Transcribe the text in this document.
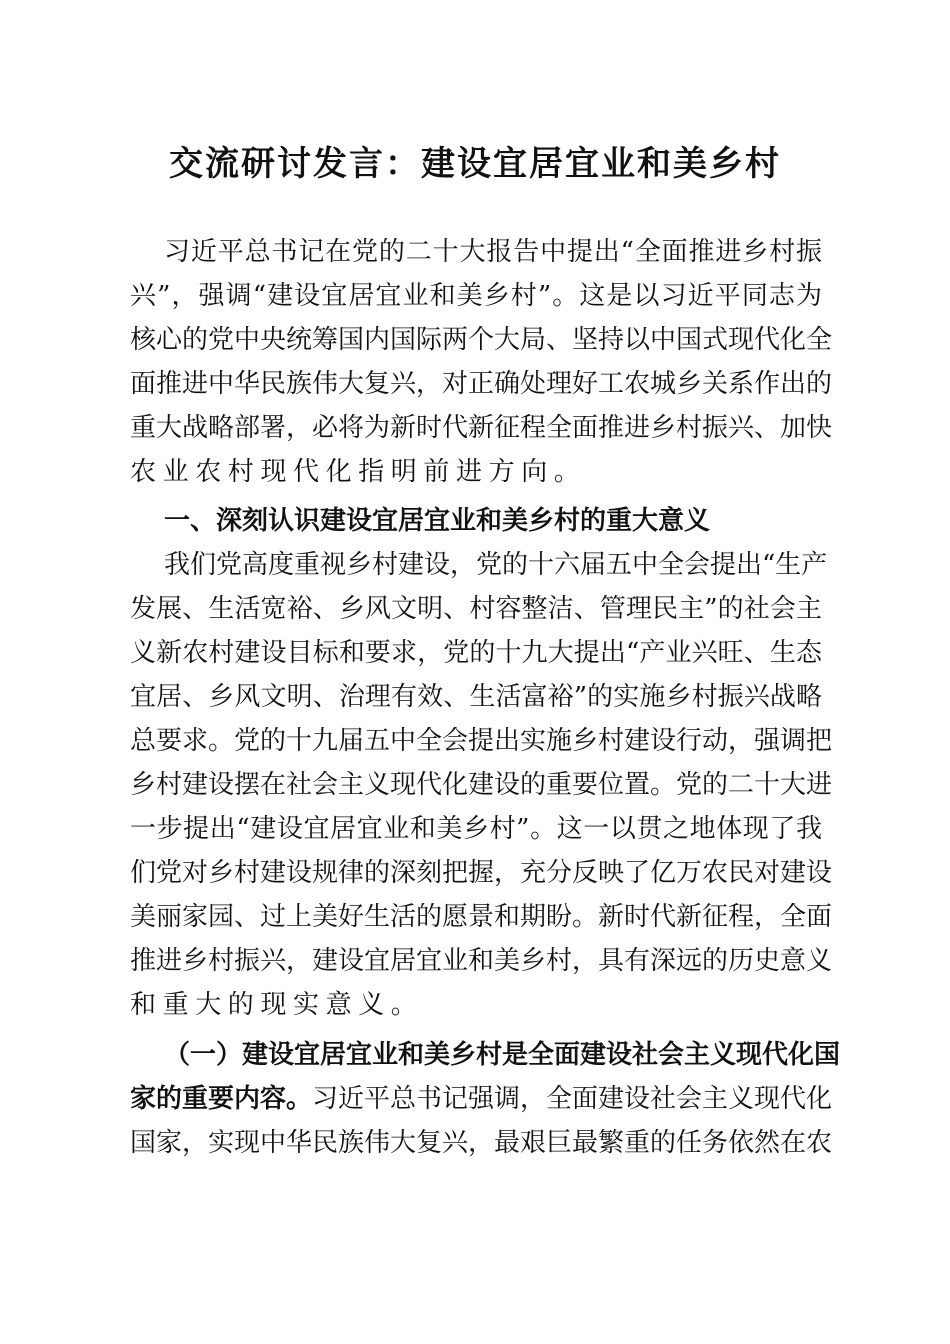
交流研讨发言：建设宜居宜业和美乡村
习近平总书记在党的二十大报告中提出“全面推进乡村振
兴”，强调“建设宜居宜业和美乡村”。这是以习近平同志为
核心的党中央统筹国内国际两个大局、坚持以中国式现代化全
面推进中华民族伟大复兴，对正确处理好工农城乡关系作出的
重大战略部署，必将为新时代新征程全面推进乡村振兴、加快
农业农村现代化指明前进方向。
一、深刻认识建设宜居宜业和美乡村的重大意义
我们党高度重视乡村建设，党的十六届五中全会提出“生产
发展、生活宽裕、乡风文明、村容整洁、管理民主”的社会主
义新农村建设目标和要求，党的十九大提出“产业兴旺、生态
宜居、乡风文明、治理有效、生活富裕”的实施乡村振兴战略
总要求。党的十九届五中全会提出实施乡村建设行动，强调把
乡村建设摆在社会主义现代化建设的重要位置。党的二十大进
一步提出“建设宜居宜业和美乡村”。这一以贯之地体现了我
们党对乡村建设规律的深刻把握，充分反映了亿万农民对建设
美丽家园、过上美好生活的愿景和期盼。新时代新征程，全面
推进乡村振兴，建设宜居宜业和美乡村，具有深远的历史意义
和重大的现实意义。
（一）建设宜居宜业和美乡村是全面建设社会主义现代化国
家的重要内容。习近平总书记强调，全面建设社会主义现代化
国家，实现中华民族伟大复兴，最艰巨最繁重的任务依然在农
